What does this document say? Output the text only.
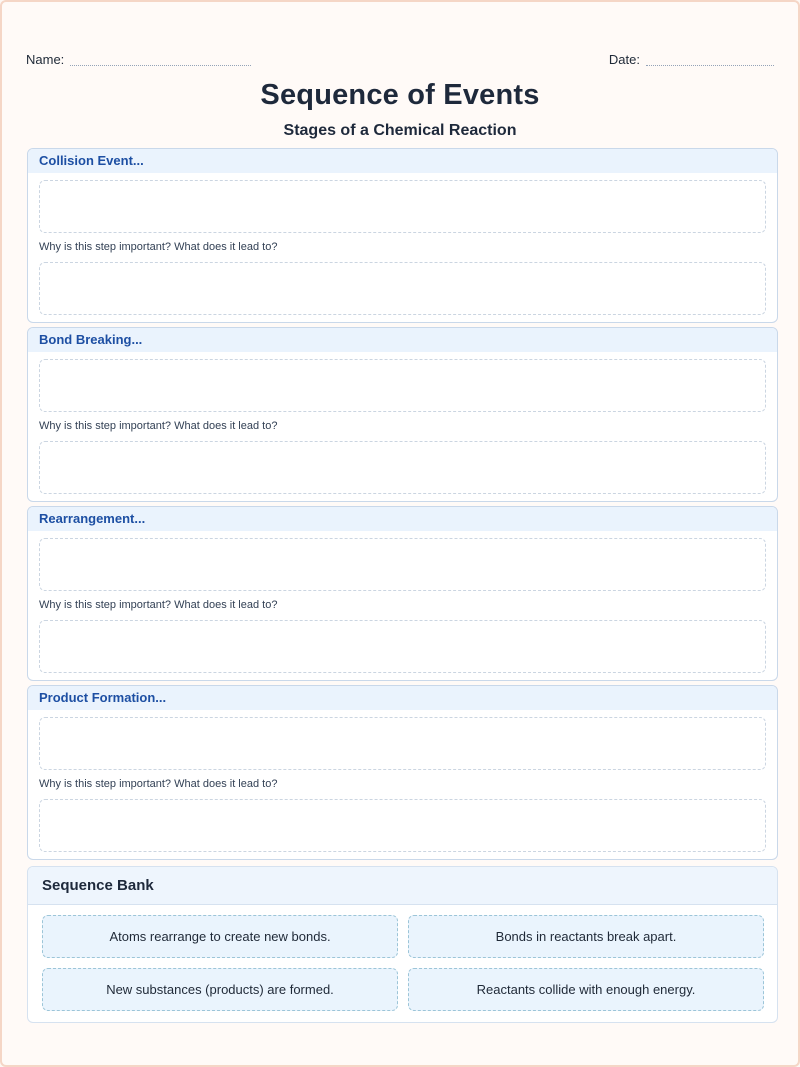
Name:	Date:
Sequence of Events
Stages of a Chemical Reaction
Collision Event...
Why is this step important? What does it lead to?
Bond Breaking...
Why is this step important? What does it lead to?
Rearrangement...
Why is this step important? What does it lead to?
Product Formation...
Why is this step important? What does it lead to?
Sequence Bank
Atoms rearrange to create new bonds.	Bonds in reactants break apart.
New substances (products) are formed.	Reactants collide with enough energy.
